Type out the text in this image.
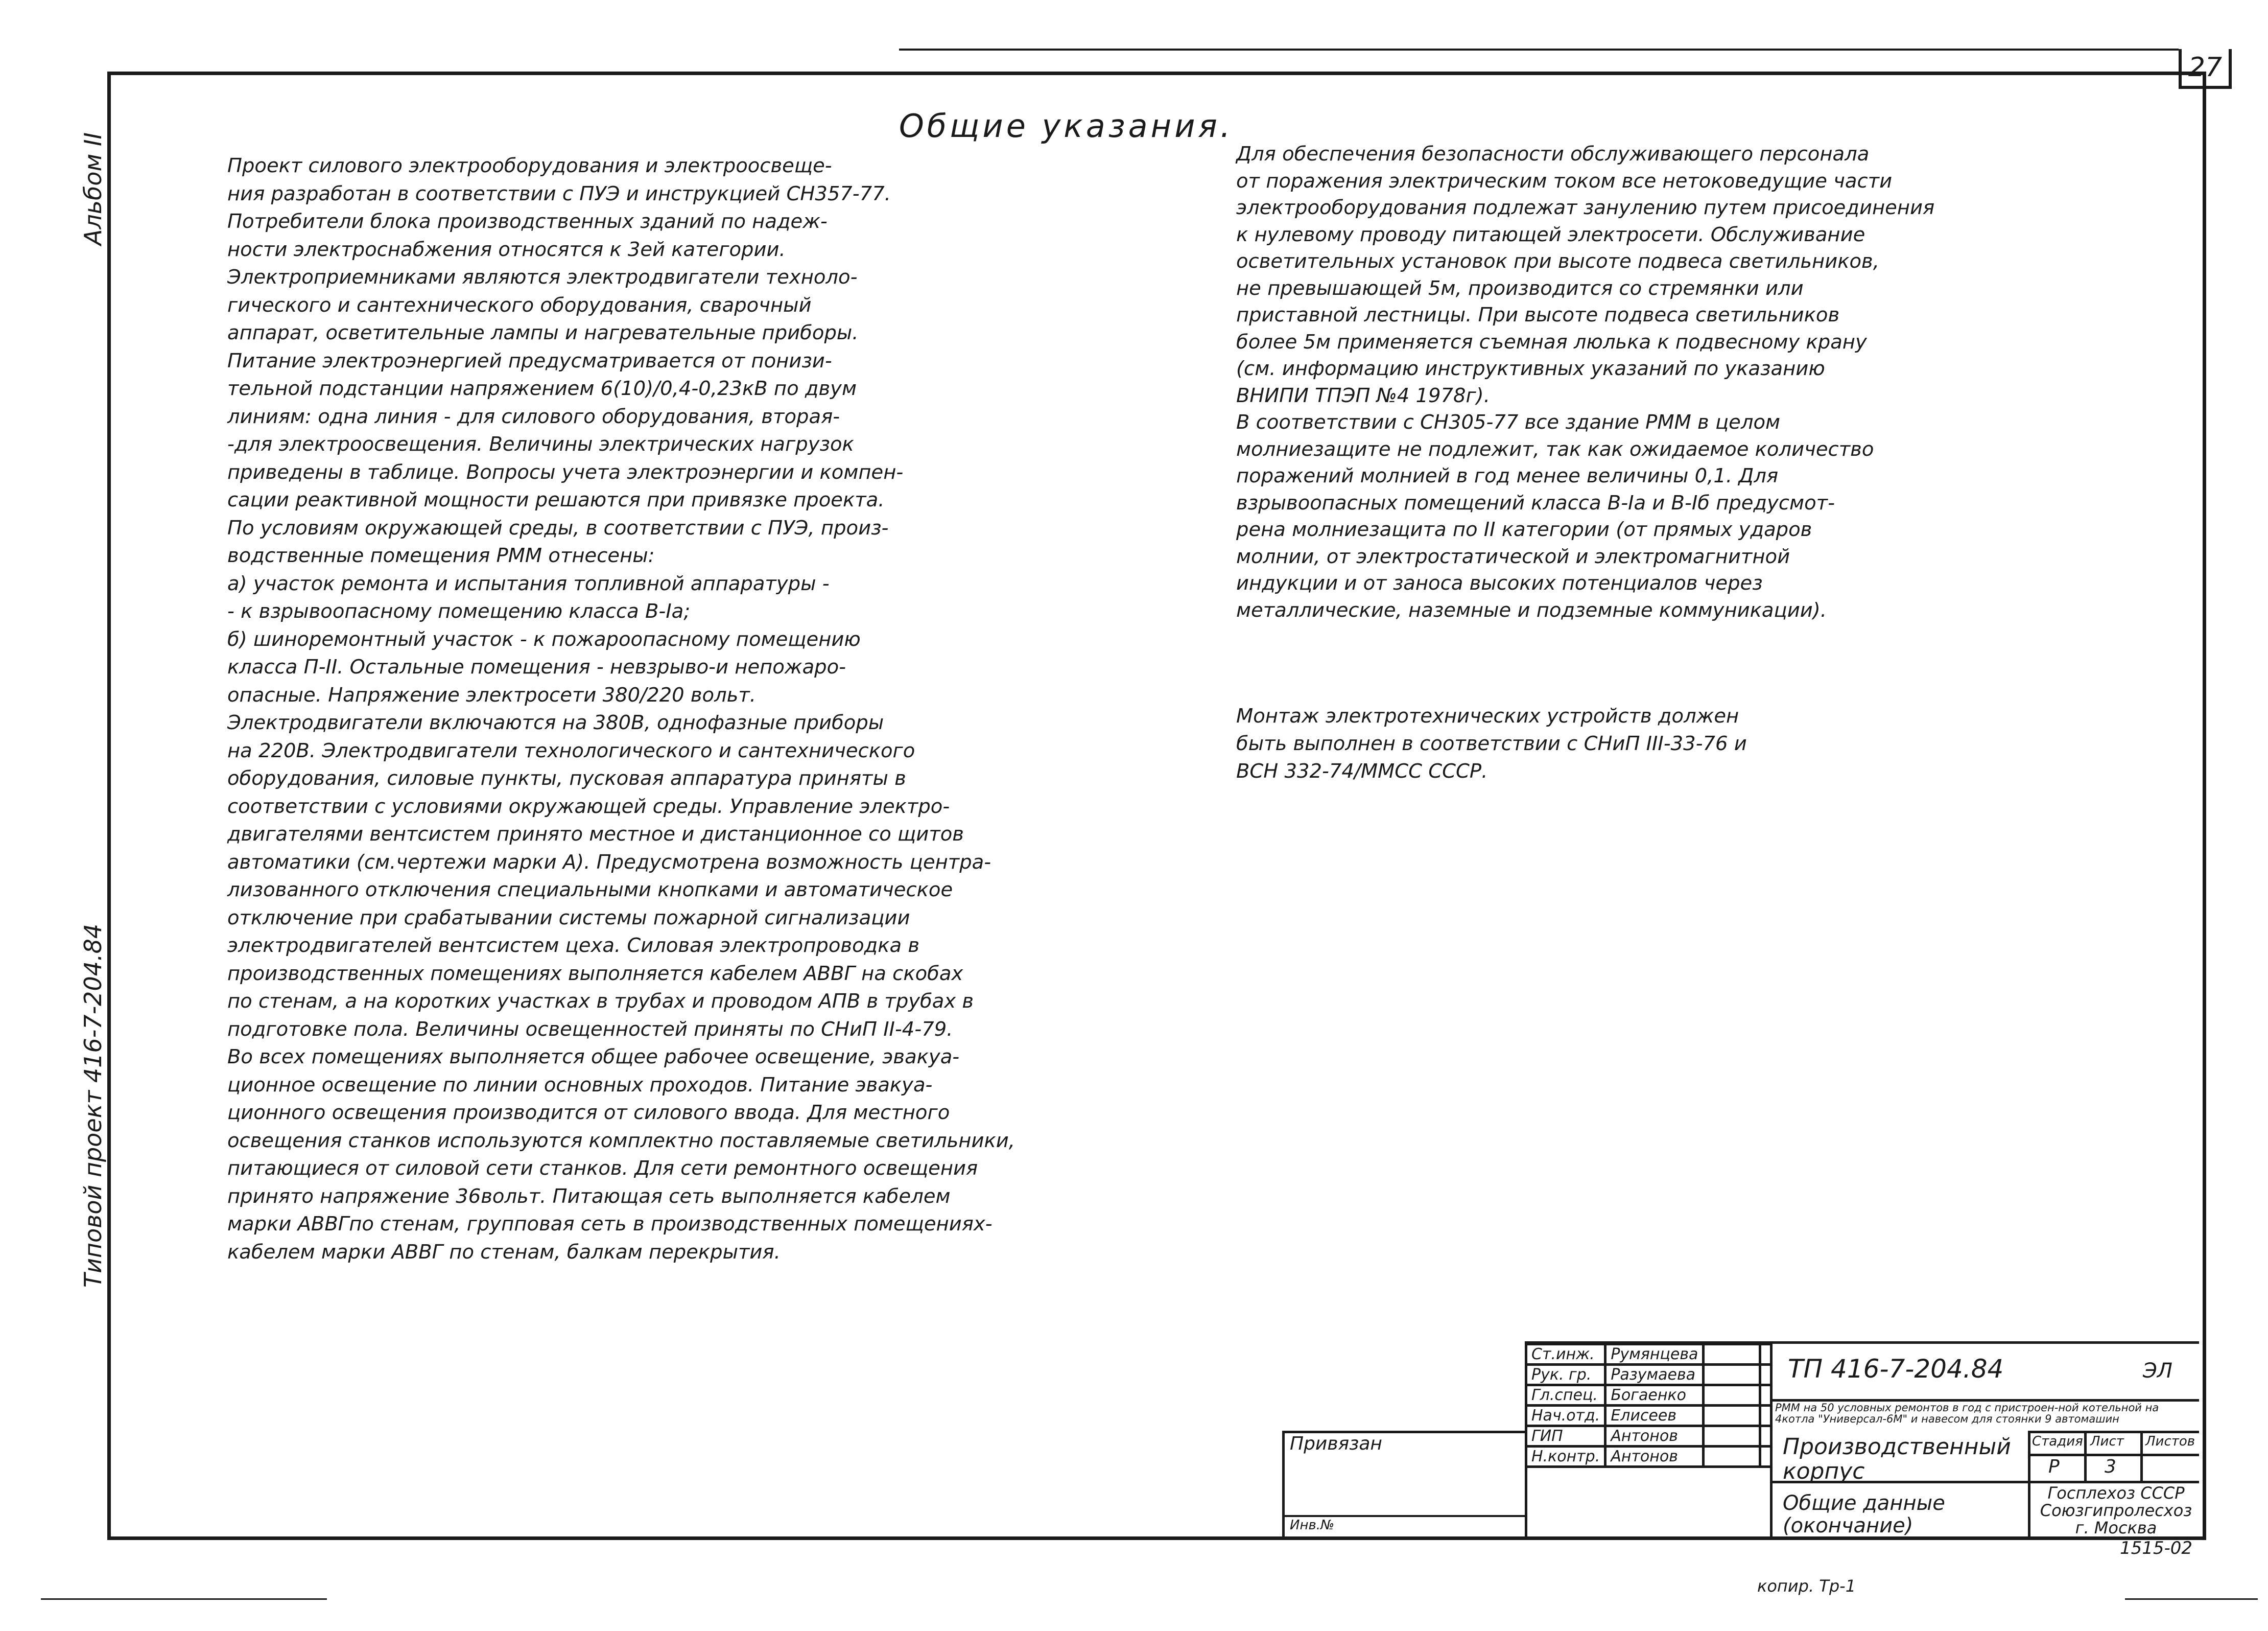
27
Альбом II
Типовой проект 416-7-204.84
Общие указания.

Проект силового электрооборудования и электроосвеще-

ния разработан в соответствии с ПУЭ и инструкцией СН357-77.

Потребители блока производственных зданий по надеж-

ности электроснабжения относятся к 3ей категории.

Электроприемниками являются электродвигатели техноло-

гического и сантехнического оборудования, сварочный

аппарат, осветительные лампы и нагревательные приборы.

Питание электроэнергией предусматривается от понизи-

тельной подстанции напряжением 6(10)/0,4-0,23кВ по двум

линиям: одна линия - для силового оборудования, вторая-

-для электроосвещения. Величины электрических нагрузок

приведены в таблице. Вопросы учета электроэнергии и компен-

сации реактивной мощности решаются при привязке проекта.

По условиям окружающей среды, в соответствии с ПУЭ, произ-

водственные помещения РММ отнесены:

а) участок ремонта и испытания топливной аппаратуры -

- к взрывоопасному помещению класса В-Iа;

б) шиноремонтный участок - к пожароопасному помещению

класса П-II. Остальные помещения - невзрыво-и непожаро-

опасные. Напряжение электросети 380/220 вольт.

Электродвигатели включаются на 380В, однофазные приборы

на 220В. Электродвигатели технологического и сантехнического

оборудования, силовые пункты, пусковая аппаратура приняты в

соответствии с условиями окружающей среды. Управление электро-

двигателями вентсистем принято местное и дистанционное со щитов

автоматики (см.чертежи марки А). Предусмотрена возможность центра-

лизованного отключения специальными кнопками и автоматическое

отключение при срабатывании системы пожарной сигнализации

электродвигателей вентсистем цеха. Силовая электропроводка в

производственных помещениях выполняется кабелем АВВГ на скобах

по стенам, а на коротких участках в трубах и проводом АПВ в трубах в

подготовке пола. Величины освещенностей приняты по СНиП II-4-79.

Во всех помещениях выполняется общее рабочее освещение, эвакуа-

ционное освещение по линии основных проходов. Питание эвакуа-

ционного освещения производится от силового ввода. Для местного

освещения станков используются комплектно поставляемые светильники,

питающиеся от силовой сети станков. Для сети ремонтного освещения

принято напряжение 36вольт. Питающая сеть выполняется кабелем

марки АВВГпо стенам, групповая сеть в производственных помещениях-

кабелем марки АВВГ по стенам, балкам перекрытия.

Для обеспечения безопасности обслуживающего персонала

от поражения электрическим током все нетоковедущие части

электрооборудования подлежат занулению путем присоединения

к нулевому проводу питающей электросети. Обслуживание

осветительных установок при высоте подвеса светильников,

не превышающей 5м, производится со стремянки или

приставной лестницы. При высоте подвеса светильников

более 5м применяется съемная люлька к подвесному крану

(см. информацию инструктивных указаний по указанию

ВНИПИ ТПЭП №4 1978г).

В соответствии с СН305-77 все здание РММ в целом

молниезащите не подлежит, так как ожидаемое количество

поражений молнией в год менее величины 0,1. Для

взрывоопасных помещений класса В-Iа и В-Iб предусмот-

рена молниезащита по II категории (от прямых ударов

молнии, от электростатической и электромагнитной

индукции и от заноса высоких потенциалов через

металлические, наземные и подземные коммуникации).

Монтаж электротехнических устройств должен

быть выполнен в соответствии с СНиП III-33-76 и

ВСН 332-74/ММСС СССР.

Ст.инж.	Румянцева		
Рук. гр.	Разумаева		
Гл.спец.	Богаенко		
Нач.отд.	Елисеев		
ГИП	Антонов		
Н.контр.	Антонов		
ТП 416-7-204.84	ЭЛ
РММ на 50 условных ремонтов в год с пристроен-ной котельной на 4котла "Универсал-6М" и навесом для стоянки 9 автомашин
Производственный корпус
Стадия Лист Листов
Р 3
Общие данные (окончание)
Госплехоз СССР Союзгипролесхоз г. Москва
Привязан
Инв.№
1515-02
копир. Тр-1
